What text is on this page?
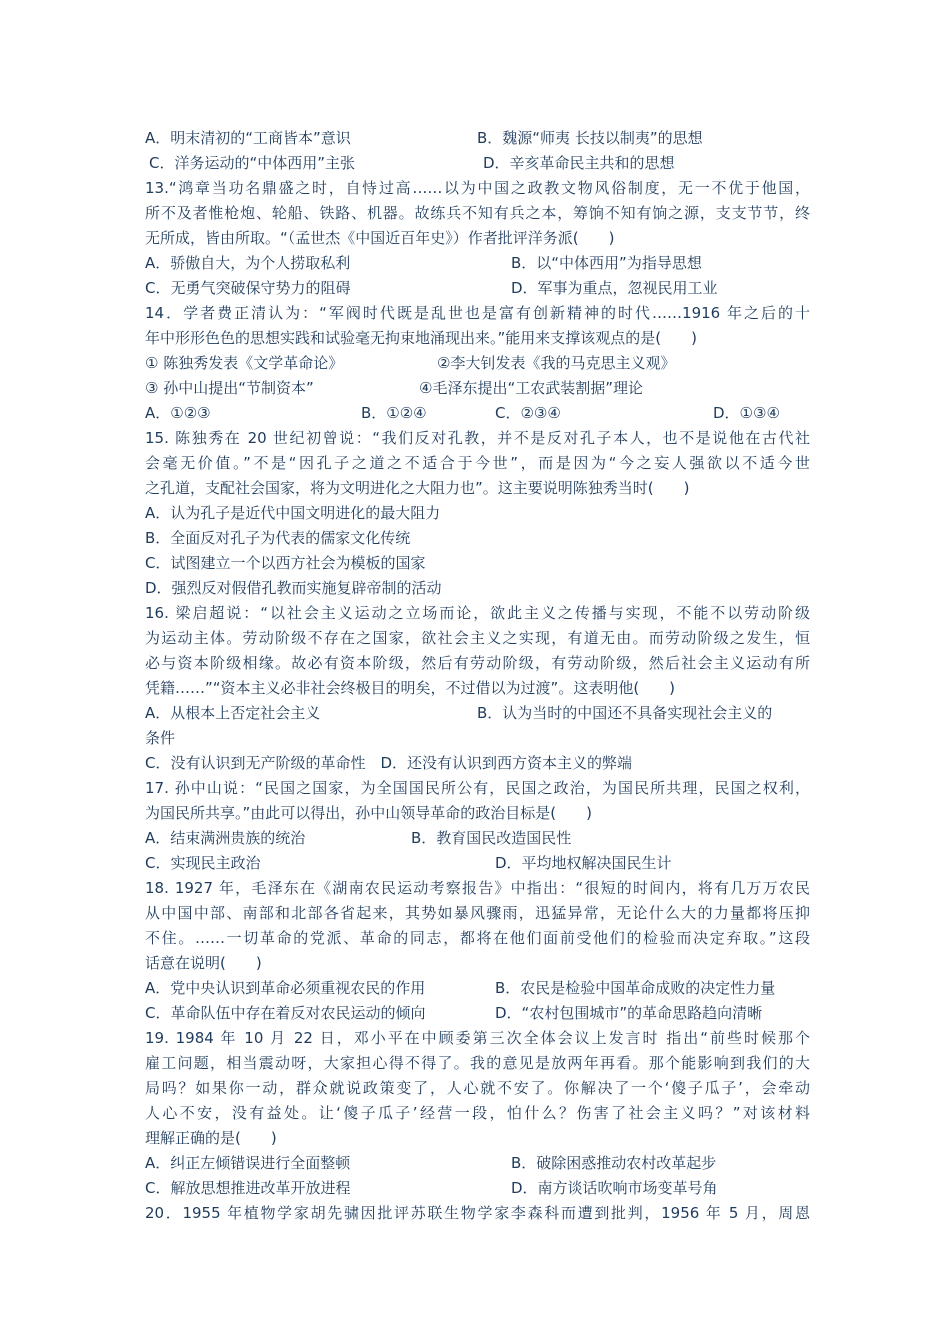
A．明末清初的“工商皆本”意识	B．魏源“师夷 长技以制夷”的思想
C．洋务运动的“中体西用”主张	D．辛亥革命民主共和的思想
13.“鸿章当功名鼎盛之时，自恃过高……以为中国之政教文物风俗制度，无一不优于他国，
所不及者惟枪炮、轮船、铁路、机器。故练兵不知有兵之本，筹饷不知有饷之源，支支节节，终
无所成，皆由所取。“（孟世杰《中国近百年史》）作者批评洋务派(　　)
A．骄傲自大，为个人捞取私利	B．以“中体西用”为指导思想
C．无勇气突破保守势力的阻碍	D．军事为重点，忽视民用工业
14．学者费正清认为：“军阀时代既是乱世也是富有创新精神的时代……1916 年之后的十
年中形形色色的思想实践和试验毫无拘束地涌现出来。”能用来支撑该观点的是(　　)
① 陈独秀发表《文学革命论》	②李大钊发表《我的马克思主义观》
③ 孙中山提出“节制资本”	④毛泽东提出“工农武装割据”理论
A．①②③	B．①②④	C．②③④	D．①③④
15. 陈独秀在 20 世纪初曾说：“我们反对孔教，并不是反对孔子本人，也不是说他在古代社
会毫无价值。”不是“因孔子之道之不适合于今世”，而是因为“今之妄人强欲以不适今世
之孔道，支配社会国家，将为文明进化之大阻力也”。这主要说明陈独秀当时(　　)
A．认为孔子是近代中国文明进化的最大阻力
B．全面反对孔子为代表的儒家文化传统
C．试图建立一个以西方社会为模板的国家
D．强烈反对假借孔教而实施复辟帝制的活动
16. 梁启超说：“以社会主义运动之立场而论，欲此主义之传播与实现，不能不以劳动阶级
为运动主体。劳动阶级不存在之国家，欲社会主义之实现，有道无由。而劳动阶级之发生，恒
必与资本阶级相缘。故必有资本阶级，然后有劳动阶级，有劳动阶级，然后社会主义运动有所
凭籍……”“资本主义必非社会终极目的明矣，不过借以为过渡”。这表明他(　　)
A．从根本上否定社会主义	B．认为当时的中国还不具备实现社会主义的
条件
C．没有认识到无产阶级的革命性　D．还没有认识到西方资本主义的弊端
17. 孙中山说：“民国之国家，为全国国民所公有，民国之政治，为国民所共理，民国之权利，
为国民所共享。”由此可以得出，孙中山领导革命的政治目标是(　　)
A．结束满洲贵族的统治	B．教育国民改造国民性
C．实现民主政治	D．平均地权解决国民生计
18. 1927 年，毛泽东在《湖南农民运动考察报告》中指出：“很短的时间内，将有几万万农民
从中国中部、南部和北部各省起来，其势如暴风骤雨，迅猛异常，无论什么大的力量都将压抑
不住。……一切革命的党派、革命的同志，都将在他们面前受他们的检验而决定弃取。”这段
话意在说明(　　)
A．党中央认识到革命必须重视农民的作用	B．农民是检验中国革命成败的决定性力量
C．革命队伍中存在着反对农民运动的倾向	D．“农村包围城市”的革命思路趋向清晰
19. 1984 年 10 月 22 日，邓小平在中顾委第三次全体会议上发言时 指出“前些时候那个
雇工问题，相当震动呀，大家担心得不得了。我的意见是放两年再看。那个能影响到我们的大
局吗？如果你一动，群众就说政策变了，人心就不安了。你解决了一个‘傻子瓜子’，会牵动
人心不安，没有益处。让‘傻子瓜子’经营一段，怕什么？伤害了社会主义吗？”对该材料
理解正确的是(　　)
A．纠正左倾错误进行全面整顿	B．破除困惑推动农村改革起步
C．解放思想推进改革开放进程	D．南方谈话吹响市场变革号角
20．1955 年植物学家胡先骕因批评苏联生物学家李森科而遭到批判，1956 年 5 月，周恩
